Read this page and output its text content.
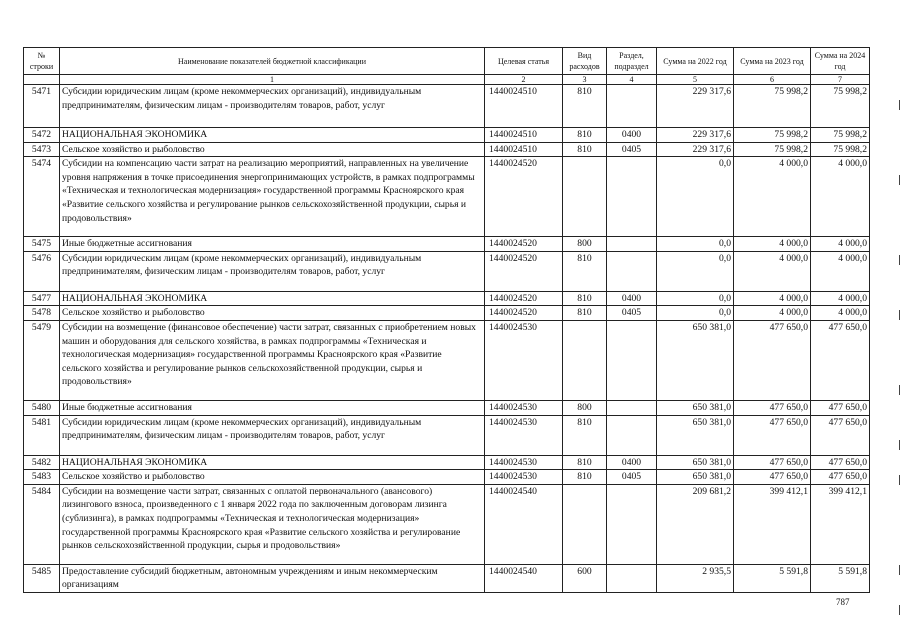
№ строки	Наименование показателей бюджетной классификации	Целевая статья	Вид расходов	Раздел, подраздел	Сумма на 2022 год	Сумма на 2023 год	Сумма на 2024 год
	1	2	3	4	5	6	7
5471	Субсидии юридическим лицам (кроме некоммерческих организаций), индивидуальным предпринимателям, физическим лицам - производителям товаров, работ, услуг	1440024510	810		229 317,6	75 998,2	75 998,2
5472	НАЦИОНАЛЬНАЯ ЭКОНОМИКА	1440024510	810	0400	229 317,6	75 998,2	75 998,2
5473	Сельское хозяйство и рыболовство	1440024510	810	0405	229 317,6	75 998,2	75 998,2
5474	Субсидии на компенсацию части затрат на реализацию мероприятий, направленных на увеличение уровня напряжения в точке присоединения энергопринимающих устройств, в рамках подпрограммы «Техническая и технологическая модернизация» государственной программы Красноярского края «Развитие сельского хозяйства и регулирование рынков сельскохозяйственной продукции, сырья и продовольствия»	1440024520			0,0	4 000,0	4 000,0
5475	Иные бюджетные ассигнования	1440024520	800		0,0	4 000,0	4 000,0
5476	Субсидии юридическим лицам (кроме некоммерческих организаций), индивидуальным предпринимателям, физическим лицам - производителям товаров, работ, услуг	1440024520	810		0,0	4 000,0	4 000,0
5477	НАЦИОНАЛЬНАЯ ЭКОНОМИКА	1440024520	810	0400	0,0	4 000,0	4 000,0
5478	Сельское хозяйство и рыболовство	1440024520	810	0405	0,0	4 000,0	4 000,0
5479	Субсидии на возмещение (финансовое обеспечение) части затрат, связанных с приобретением новых машин и оборудования для сельского хозяйства, в рамках подпрограммы «Техническая и технологическая модернизация» государственной программы Красноярского края «Развитие сельского хозяйства и регулирование рынков сельскохозяйственной продукции, сырья и продовольствия»	1440024530			650 381,0	477 650,0	477 650,0
5480	Иные бюджетные ассигнования	1440024530	800		650 381,0	477 650,0	477 650,0
5481	Субсидии юридическим лицам (кроме некоммерческих организаций), индивидуальным предпринимателям, физическим лицам - производителям товаров, работ, услуг	1440024530	810		650 381,0	477 650,0	477 650,0
5482	НАЦИОНАЛЬНАЯ ЭКОНОМИКА	1440024530	810	0400	650 381,0	477 650,0	477 650,0
5483	Сельское хозяйство и рыболовство	1440024530	810	0405	650 381,0	477 650,0	477 650,0
5484	Субсидии на возмещение части затрат, связанных с оплатой первоначального (авансового) лизингового взноса, произведенного с 1 января 2022 года по заключенным договорам лизинга (сублизинга), в рамках подпрограммы «Техническая и технологическая модернизация» государственной программы Красноярского края «Развитие сельского хозяйства и регулирование рынков сельскохозяйственной продукции, сырья и продовольствия»	1440024540			209 681,2	399 412,1	399 412,1
5485	Предоставление субсидий бюджетным, автономным учреждениям и иным некоммерческим организациям	1440024540	600		2 935,5	5 591,8	5 591,8
787
